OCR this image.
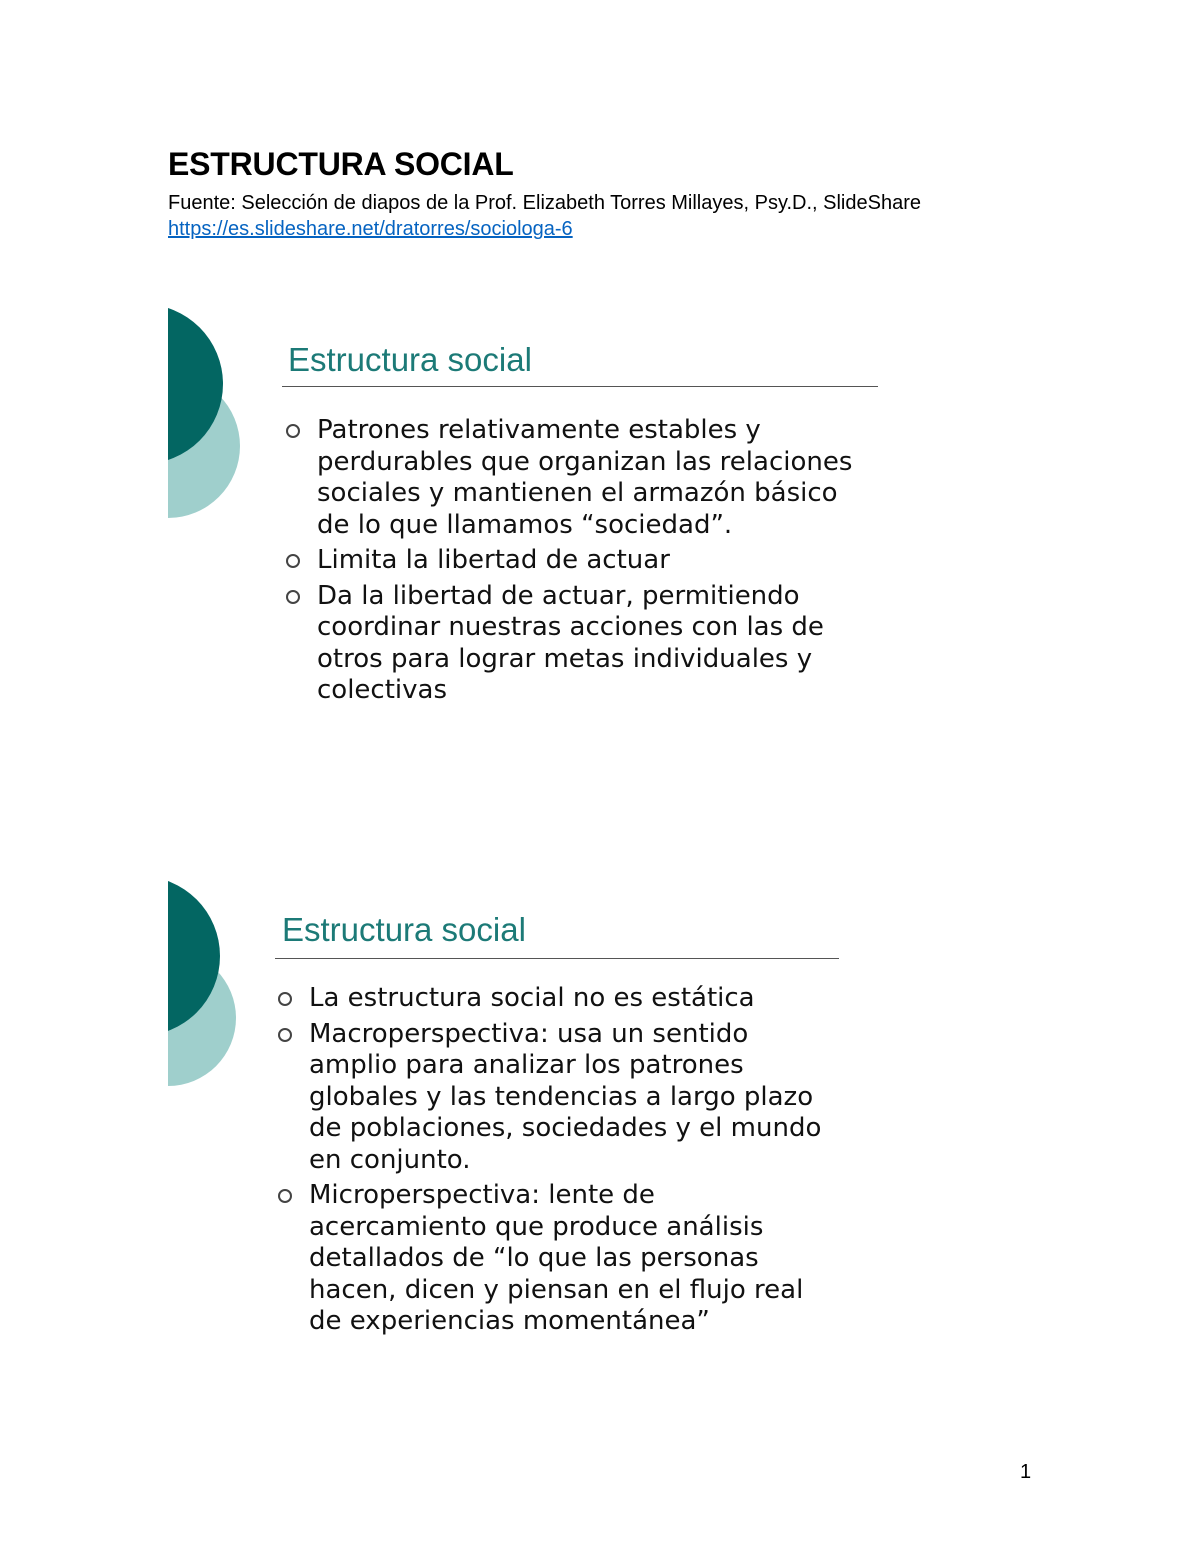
ESTRUCTURA SOCIAL

Fuente: Selección de diapos de la Prof. Elizabeth Torres Millayes, Psy.D., SlideShare

https://es.slideshare.net/dratorres/sociologa-6
Estructura social
Patrones relativamente estables y perdurables que organizan las relaciones sociales y mantienen el armazón básico de lo que llamamos “sociedad”.
Limita la libertad de actuar
Da la libertad de actuar, permitiendo coordinar nuestras acciones con las de otros para lograr metas individuales y colectivas
Estructura social
La estructura social no es estática
Macroperspectiva: usa un sentido amplio para analizar los patrones globales y las tendencias a largo plazo de poblaciones, sociedades y el mundo en conjunto.
Microperspectiva: lente de acercamiento que produce análisis detallados de “lo que las personas hacen, dicen y piensan en el flujo real de experiencias momentánea”
1
